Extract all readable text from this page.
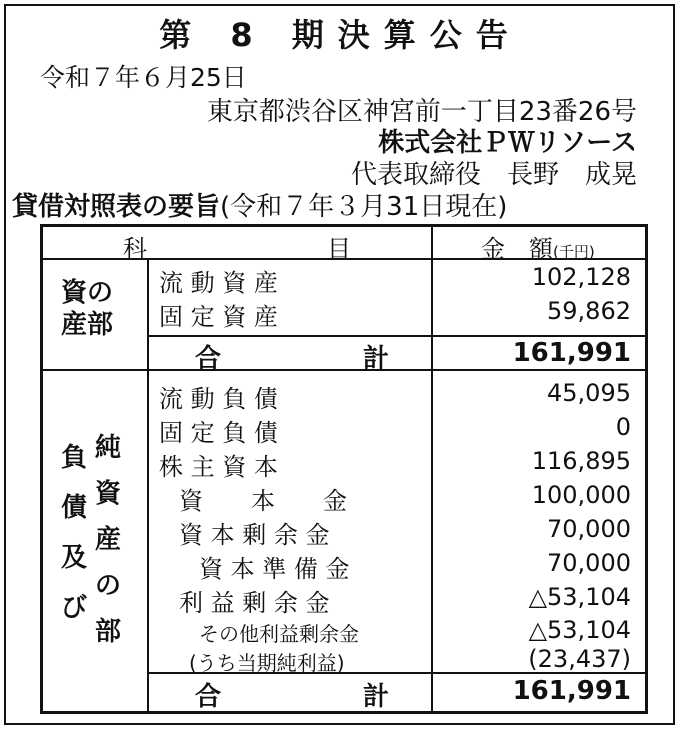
第 8 期決算公告
令和７年６月25日
東京都渋谷区神宮前一丁目23番26号
株式会社ＰＷリソース
代表取締役　長野　成晃
貸借対照表の要旨(令和７年３月31日現在)
科	目	金　額(千円)
資の
産部
流 動 資 産	102,128
固 定 資 産	59,862
合	計	161,991
負
債
及
び
純
資
産
の
部
流 動 負 債	45,095
固 定 負 債	0
株 主 資 本	116,895
資　　本　　金	100,000
資 本 剰 余 金	70,000
資 本 準 備 金	70,000
利 益 剰 余 金	△53,104
その他利益剰余金	△53,104
(うち当期純利益)	(23,437)
合	計	161,991
